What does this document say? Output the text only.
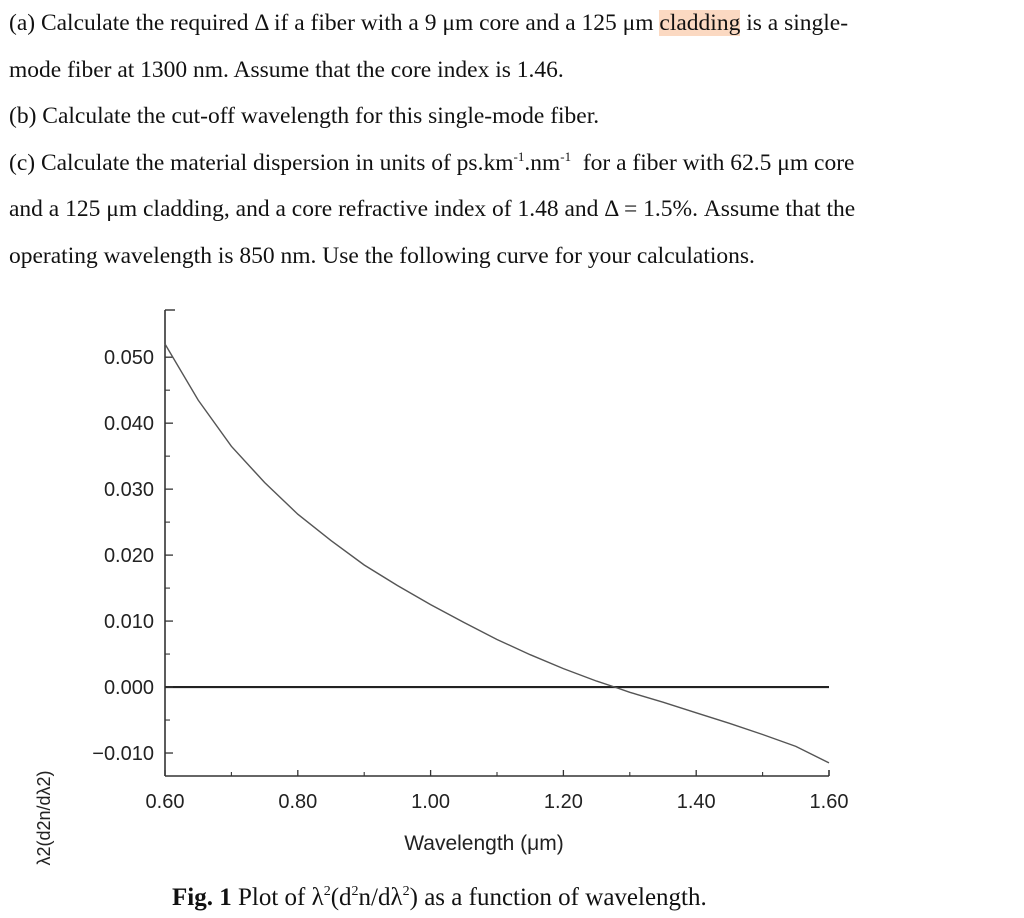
(a) Calculate the required Δ if a fiber with a 9 μm core and a 125 μm cladding is a single-

mode fiber at 1300 nm. Assume that the core index is 1.46.

(b) Calculate the cut-off wavelength for this single-mode fiber.

(c) Calculate the material dispersion in units of $ps.km^{-1}.nm^{-1}$  for a fiber with 62.5 μm core

and a 125 μm cladding, and a core refractive index of 1.48 and Δ = 1.5%. Assume that the

operating wavelength is 850 nm. Use the following curve for your calculations.

0.050
0.040
0.030
0.020
0.010
0.000
−0.010
0.60	0.80	1.00	1.20	1.40	1.60
Wavelength (μm)
λ2(d2n/dλ2)
Fig. 1 Plot of $\lambda^2(d^2n/d\lambda^2)$ as a function of wavelength.
